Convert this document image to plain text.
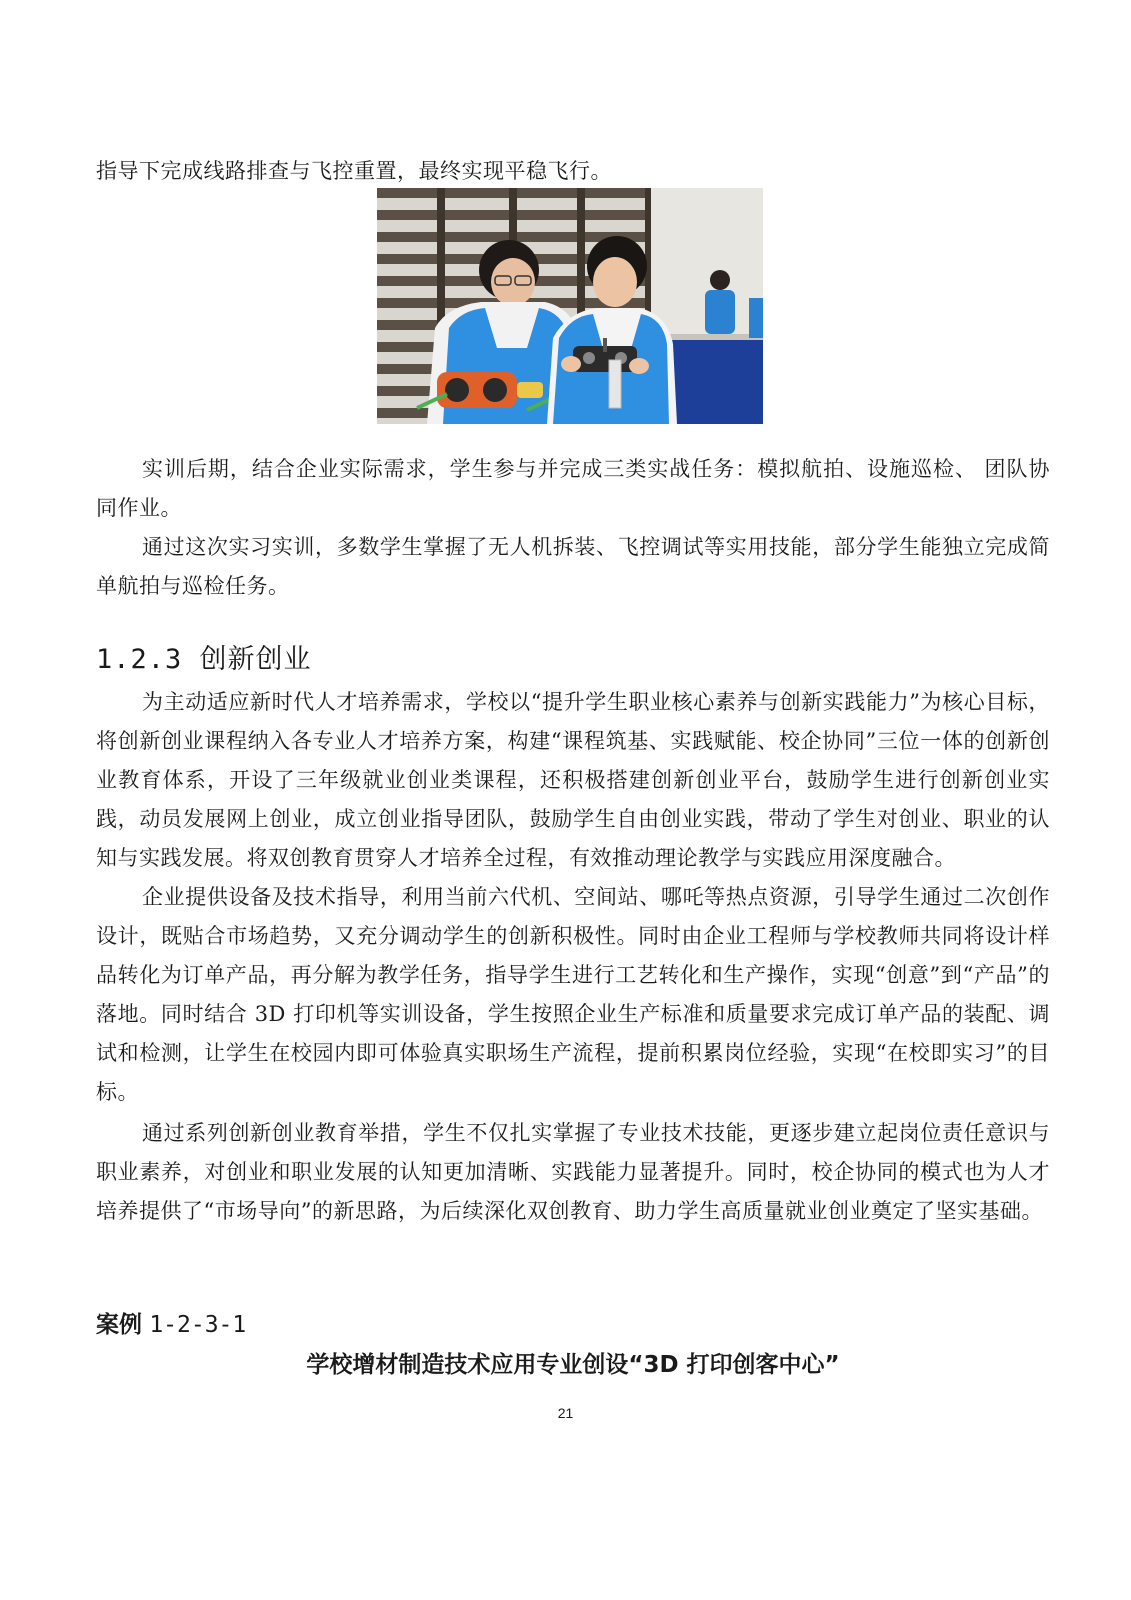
指导下完成线路排查与飞控重置，最终实现平稳飞行。

实训后期，结合企业实际需求，学生参与并完成三类实战任务：模拟航拍、设施巡检、 团队协同作业。

通过这次实习实训，多数学生掌握了无人机拆装、飞控调试等实用技能，部分学生能独立完成简单航拍与巡检任务。

1.2.3 创新创业

为主动适应新时代人才培养需求，学校以“提升学生职业核心素养与创新实践能力”为核心目标，将创新创业课程纳入各专业人才培养方案，构建“课程筑基、实践赋能、校企协同”三位一体的创新创业教育体系，开设了三年级就业创业类课程，还积极搭建创新创业平台，鼓励学生进行创新创业实践，动员发展网上创业，成立创业指导团队，鼓励学生自由创业实践，带动了学生对创业、职业的认知与实践发展。将双创教育贯穿人才培养全过程，有效推动理论教学与实践应用深度融合。

企业提供设备及技术指导，利用当前六代机、空间站、哪吒等热点资源，引导学生通过二次创作设计，既贴合市场趋势，又充分调动学生的创新积极性。同时由企业工程师与学校教师共同将设计样品转化为订单产品，再分解为教学任务，指导学生进行工艺转化和生产操作，实现“创意”到“产品”的落地。同时结合 3D 打印机等实训设备，学生按照企业生产标准和质量要求完成订单产品的装配、调试和检测，让学生在校园内即可体验真实职场生产流程，提前积累岗位经验，实现“在校即实习”的目标。

通过系列创新创业教育举措，学生不仅扎实掌握了专业技术技能，更逐步建立起岗位责任意识与职业素养，对创业和职业发展的认知更加清晰、实践能力显著提升。同时，校企协同的模式也为人才培养提供了“市场导向”的新思路，为后续深化双创教育、助力学生高质量就业创业奠定了坚实基础。

案例 1-2-3-1

学校增材制造技术应用专业创设“3D 打印创客中心”

21
